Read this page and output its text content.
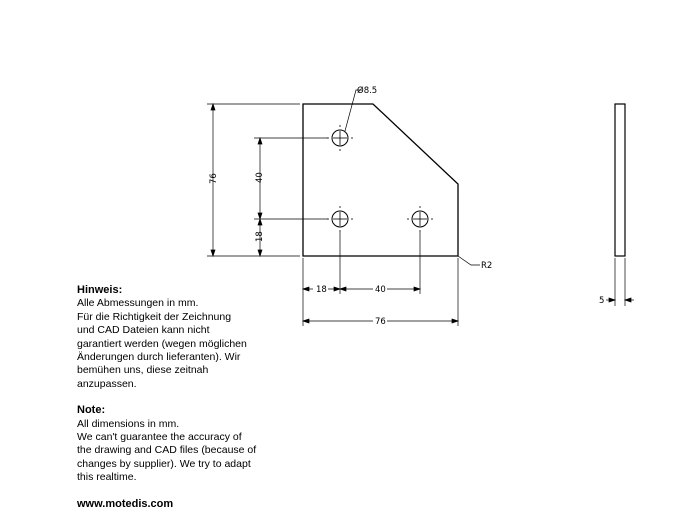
Ø8.5
R2
76	40
18
18	40
76
5
Hinweis:
Alle Abmessungen in mm.
Für die Richtigkeit der Zeichnung
und CAD Dateien kann nicht
garantiert werden (wegen möglichen
Änderungen durch lieferanten). Wir
bemühen uns, diese zeitnah
anzupassen.
Note:
All dimensions in mm.
We can't guarantee the accuracy of
the drawing and CAD files (because of
changes by supplier). We try to adapt
this realtime.
www.motedis.com
